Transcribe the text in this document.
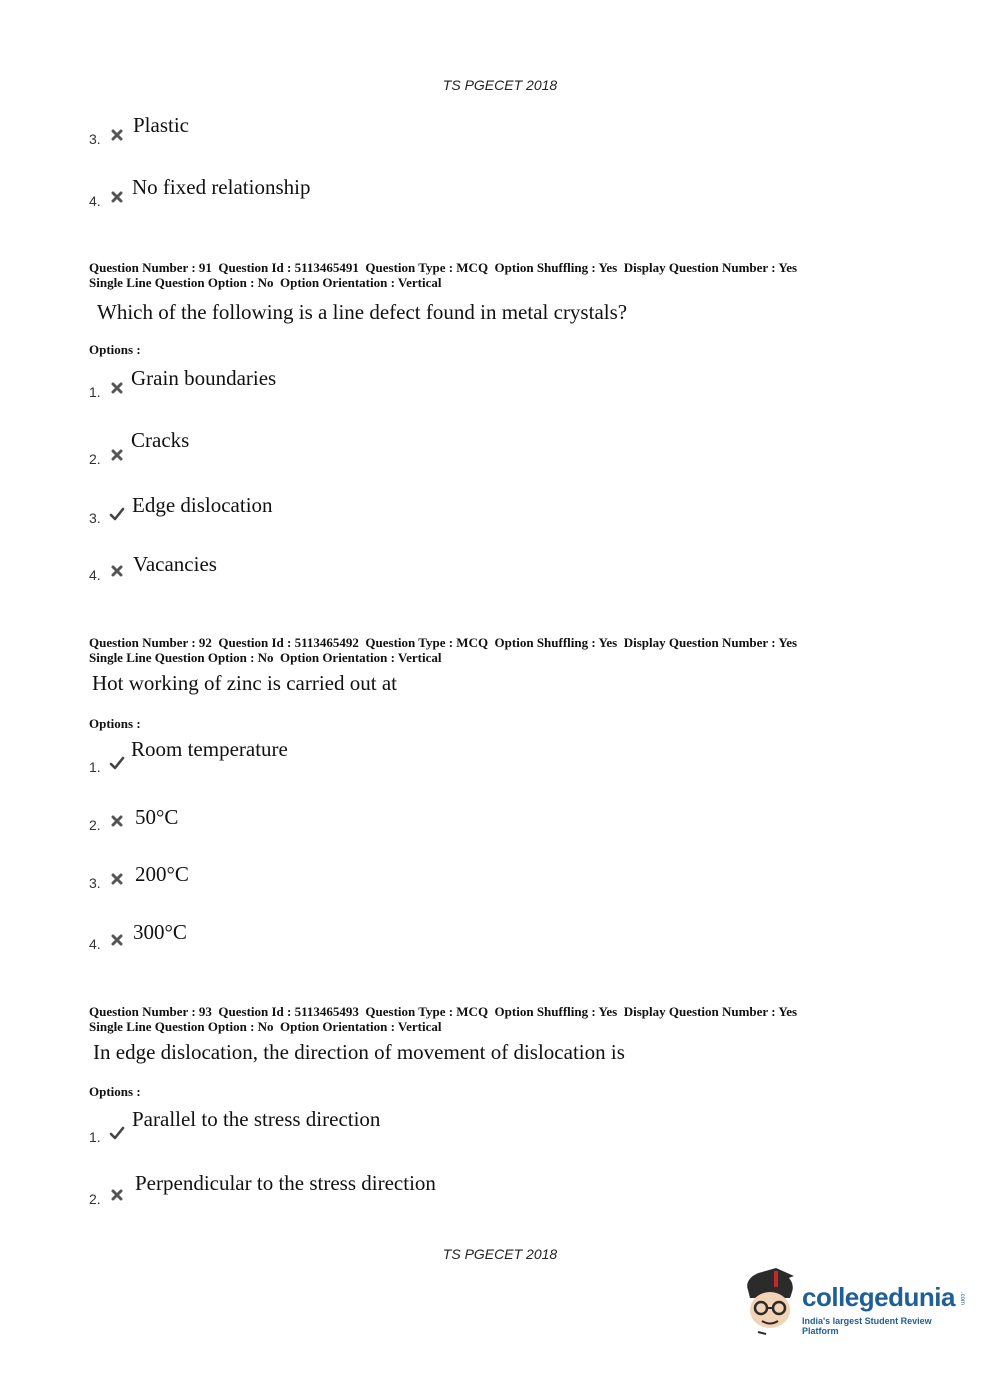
TS PGECET 2018
3.
Plastic
4.
No fixed relationship
Question Number : 91  Question Id : 5113465491  Question Type : MCQ  Option Shuffling : Yes  Display Question Number : Yes
Single Line Question Option : No  Option Orientation : Vertical
Which of the following is a line defect found in metal crystals?
Options :
1.
Grain boundaries
2.
Cracks
3.
Edge dislocation
4. Vacancies
Question Number : 92  Question Id : 5113465492  Question Type : MCQ  Option Shuffling : Yes  Display Question Number : Yes
Single Line Question Option : No  Option Orientation : Vertical
Hot working of zinc is carried out at
Options :
1.
Room temperature
2. 50°C
3. 200°C
4. 300°C
Question Number : 93  Question Id : 5113465493  Question Type : MCQ  Option Shuffling : Yes  Display Question Number : Yes
Single Line Question Option : No  Option Orientation : Vertical
In edge dislocation, the direction of movement of dislocation is
Options :
1.
Parallel to the stress direction
2.
Perpendicular to the stress direction
TS PGECET 2018
collegedunia .com
India's largest Student Review Platform
